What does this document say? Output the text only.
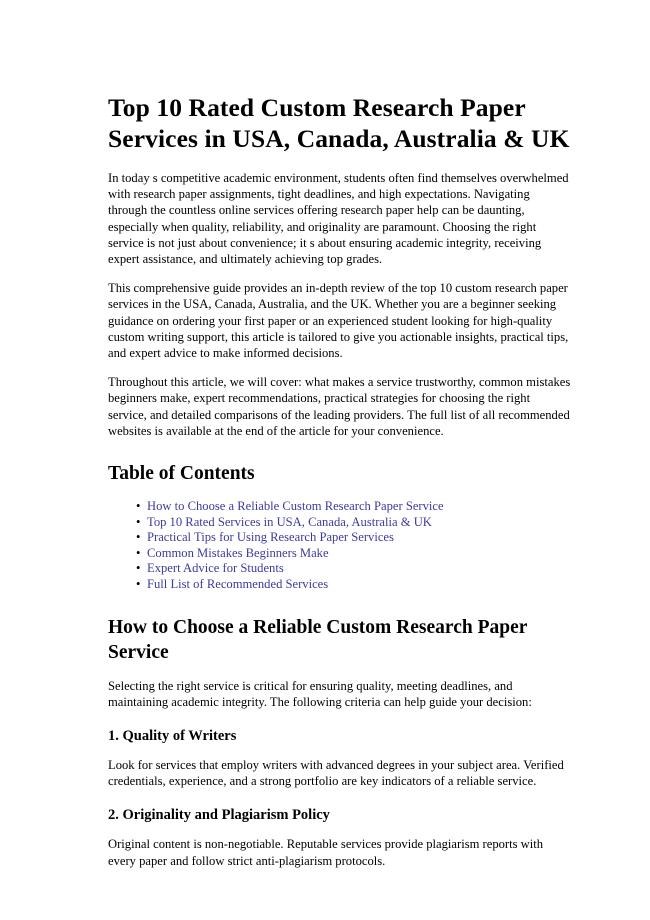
Top 10 Rated Custom Research Paper Services in USA, Canada, Australia & UK

In today s competitive academic environment, students often find themselves overwhelmed with research paper assignments, tight deadlines, and high expectations. Navigating through the countless online services offering research paper help can be daunting, especially when quality, reliability, and originality are paramount. Choosing the right service is not just about convenience; it s about ensuring academic integrity, receiving expert assistance, and ultimately achieving top grades.

This comprehensive guide provides an in-depth review of the top 10 custom research paper services in the USA, Canada, Australia, and the UK. Whether you are a beginner seeking guidance on ordering your first paper or an experienced student looking for high-quality custom writing support, this article is tailored to give you actionable insights, practical tips, and expert advice to make informed decisions.

Throughout this article, we will cover: what makes a service trustworthy, common mistakes beginners make, expert recommendations, practical strategies for choosing the right service, and detailed comparisons of the leading providers. The full list of all recommended websites is available at the end of the article for your convenience.

Table of Contents
• How to Choose a Reliable Custom Research Paper Service
• Top 10 Rated Services in USA, Canada, Australia & UK
• Practical Tips for Using Research Paper Services
• Common Mistakes Beginners Make
• Expert Advice for Students
• Full List of Recommended Services
How to Choose a Reliable Custom Research Paper Service

Selecting the right service is critical for ensuring quality, meeting deadlines, and maintaining academic integrity. The following criteria can help guide your decision:

1. Quality of Writers

Look for services that employ writers with advanced degrees in your subject area. Verified credentials, experience, and a strong portfolio are key indicators of a reliable service.

2. Originality and Plagiarism Policy

Original content is non-negotiable. Reputable services provide plagiarism reports with every paper and follow strict anti-plagiarism protocols.
